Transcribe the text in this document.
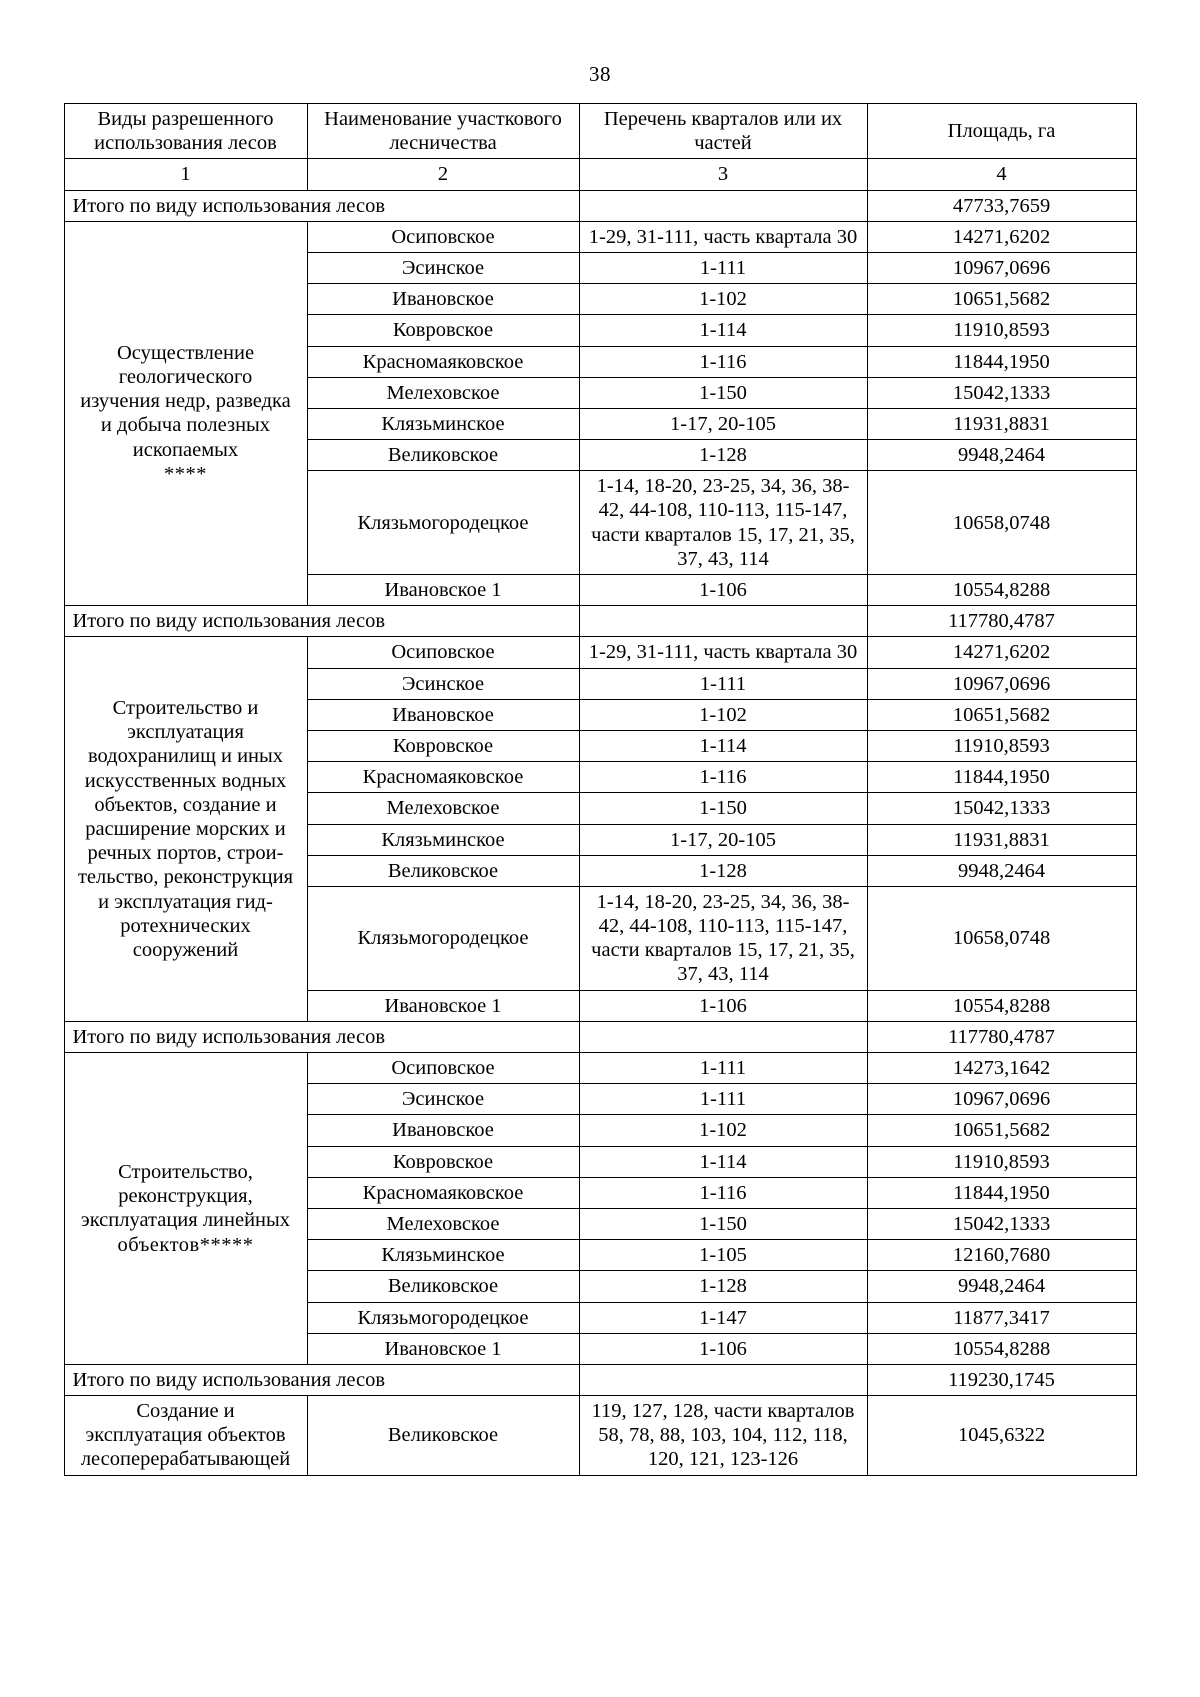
38
Виды разрешенного использования лесов	Наименование участкового лесничества	Перечень кварталов или их частей	Площадь, га
1	2	3	4
Итого по виду использования лесов			47733,7659
Осуществление
геологического
изучения недр, разведка
и добыча полезных
ископаемых
****	Осиповское	1-29, 31-111, часть квартала 30	14271,6202
	Эсинское	1-111	10967,0696
	Ивановское	1-102	10651,5682
	Ковровское	1-114	11910,8593
	Красномаяковское	1-116	11844,1950
	Мелеховское	1-150	15042,1333
	Клязьминское	1-17, 20-105	11931,8831
	Великовское	1-128	9948,2464
	Клязьмогородецкое	1-14, 18-20, 23-25, 34, 36, 38-42, 44-108, 110-113, 115-147, части кварталов 15, 17, 21, 35, 37, 43, 114	10658,0748
	Ивановское 1	1-106	10554,8288
Итого по виду использования лесов			117780,4787
Строительство и
эксплуатация
водохранилищ и иных
искусственных водных
объектов, создание и
расширение морских и
речных портов, строи-
тельство, реконструкция
и эксплуатация гид-
ротехнических
сооружений	Осиповское	1-29, 31-111, часть квартала 30	14271,6202
	Эсинское	1-111	10967,0696
	Ивановское	1-102	10651,5682
	Ковровское	1-114	11910,8593
	Красномаяковское	1-116	11844,1950
	Мелеховское	1-150	15042,1333
	Клязьминское	1-17, 20-105	11931,8831
	Великовское	1-128	9948,2464
	Клязьмогородецкое	1-14, 18-20, 23-25, 34, 36, 38-42, 44-108, 110-113, 115-147, части кварталов 15, 17, 21, 35, 37, 43, 114	10658,0748
	Ивановское 1	1-106	10554,8288
Итого по виду использования лесов			117780,4787
Строительство,
реконструкция,
эксплуатация линейных
объектов*****	Осиповское	1-111	14273,1642
	Эсинское	1-111	10967,0696
	Ивановское	1-102	10651,5682
	Ковровское	1-114	11910,8593
	Красномаяковское	1-116	11844,1950
	Мелеховское	1-150	15042,1333
	Клязьминское	1-105	12160,7680
	Великовское	1-128	9948,2464
	Клязьмогородецкое	1-147	11877,3417
	Ивановское 1	1-106	10554,8288
Итого по виду использования лесов			119230,1745
Создание и
эксплуатация объектов
лесоперерабатывающей	Великовское	119, 127, 128, части кварталов 58, 78, 88, 103, 104, 112, 118, 120, 121, 123-126	1045,6322
